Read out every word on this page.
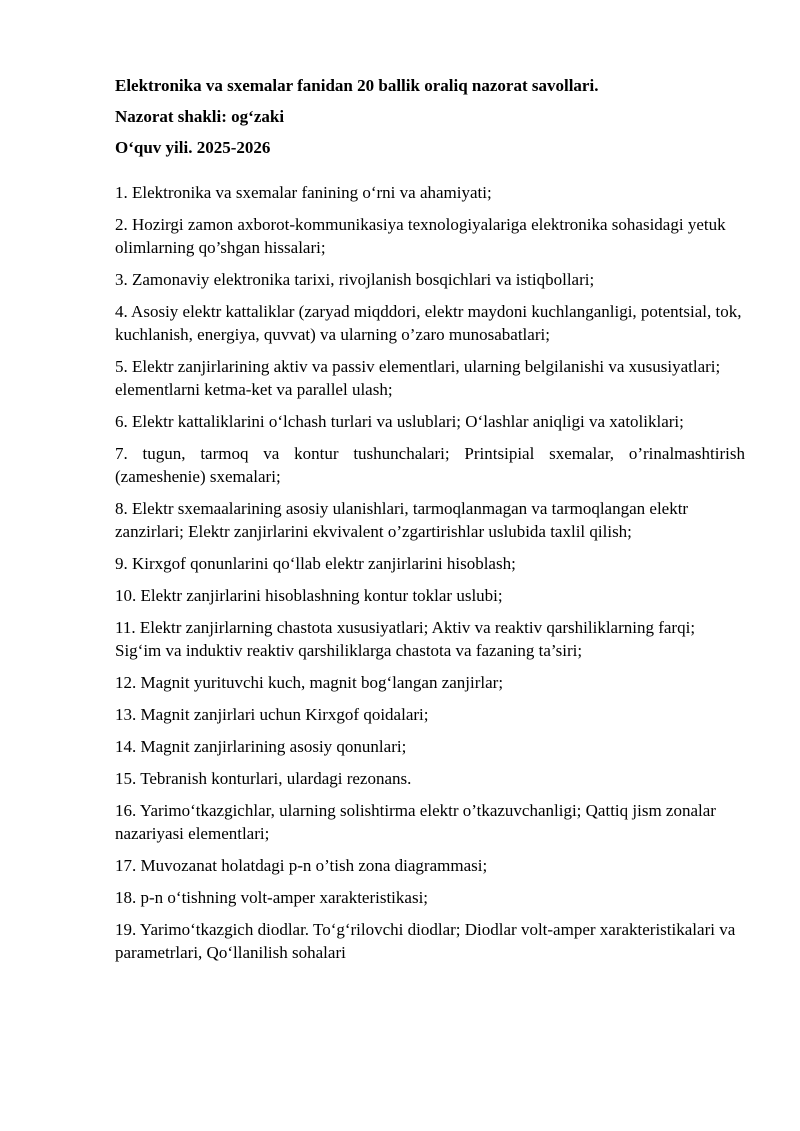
Elektronika va sxemalar fanidan 20 ballik oraliq nazorat savollari.
Nazorat shakli: og‘zaki
O‘quv yili. 2025-2026
1. Elektronika va sxemalar fanining o‘rni va ahamiyati;
2. Hozirgi zamon axborot-kommunikasiya texnologiyalariga elektronika sohasidagi yetuk olimlarning qo’shgan hissalari;
3. Zamonaviy elektronika tarixi, rivojlanish bosqichlari va istiqbollari;
4. Asosiy elektr kattaliklar (zaryad miqddori, elektr maydoni kuchlanganligi, potentsial, tok, kuchlanish, energiya, quvvat) va ularning o’zaro munosabatlari;
5. Elektr zanjirlarining aktiv va passiv elementlari, ularning belgilanishi va xususiyatlari; elementlarni ketma-ket va parallel ulash;
6. Elektr kattaliklarini o‘lchash turlari va uslublari; O‘lashlar aniqligi va xatoliklari;
7. tugun, tarmoq va kontur tushunchalari; Printsipial sxemalar, o’rinalmashtirish (zameshenie) sxemalari;
8. Elektr sxemaalarining asosiy ulanishlari, tarmoqlanmagan va tarmoqlangan elektr zanzirlari; Elektr zanjirlarini ekvivalent o’zgartirishlar uslubida taxlil qilish;
9. Kirxgof qonunlarini qo‘llab elektr zanjirlarini hisoblash;
10. Elektr zanjirlarini hisoblashning kontur toklar uslubi;
11. Elektr zanjirlarning chastota xususiyatlari; Aktiv va reaktiv qarshiliklarning farqi; Sig‘im va induktiv reaktiv qarshiliklarga chastota va fazaning ta’siri;
12. Magnit yurituvchi kuch, magnit bog‘langan zanjirlar;
13. Magnit zanjirlari uchun Kirxgof qoidalari;
14. Magnit zanjirlarining asosiy qonunlari;
15. Tebranish konturlari, ulardagi rezonans.
16. Yarimo‘tkazgichlar, ularning solishtirma elektr o’tkazuvchanligi; Qattiq jism zonalar nazariyasi elementlari;
17. Muvozanat holatdagi p-n o’tish zona diagrammasi;
18. p-n o‘tishning volt-amper xarakteristikasi;
19. Yarimo‘tkazgich diodlar. To‘g‘rilovchi diodlar; Diodlar volt-amper xarakteristikalari va parametrlari, Qo‘llanilish sohalari
